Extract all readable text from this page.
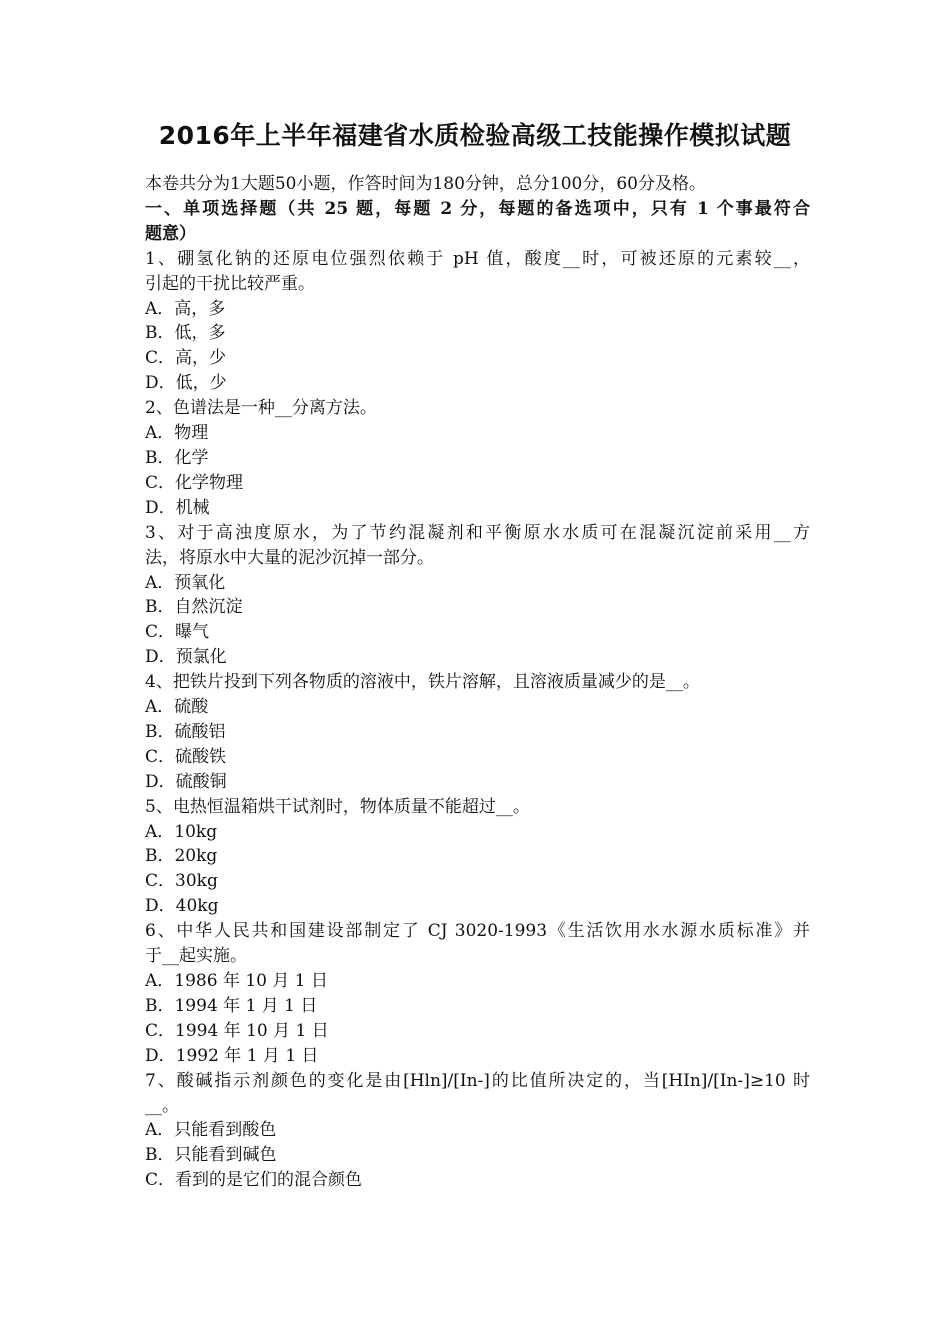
2016年上半年福建省水质检验高级工技能操作模拟试题
本卷共分为1大题50小题，作答时间为180分钟，总分100分，60分及格。
一、单项选择题（共 25 题，每题 2 分，每题的备选项中，只有 1 个事最符合
题意）
1、硼氢化钠的还原电位强烈依赖于 pH 值，酸度__时，可被还原的元素较__，
引起的干扰比较严重。
A．高，多
B．低，多
C．高，少
D．低，少
2、色谱法是一种__分离方法。
A．物理
B．化学
C．化学物理
D．机械
3、对于高浊度原水，为了节约混凝剂和平衡原水水质可在混凝沉淀前采用__方
法，将原水中大量的泥沙沉掉一部分。
A．预氧化
B．自然沉淀
C．曝气
D．预氯化
4、把铁片投到下列各物质的溶液中，铁片溶解，且溶液质量减少的是__。
A．硫酸
B．硫酸铝
C．硫酸铁
D．硫酸铜
5、电热恒温箱烘干试剂时，物体质量不能超过__。
A．10kg
B．20kg
C．30kg
D．40kg
6、中华人民共和国建设部制定了 CJ 3020-1993《生活饮用水水源水质标准》并
于__起实施。
A．1986 年 10 月 1 日
B．1994 年 1 月 1 日
C．1994 年 10 月 1 日
D．1992 年 1 月 1 日
7、酸碱指示剂颜色的变化是由[Hln]/[In-]的比值所决定的，当[HIn]/[In-]≥10 时
__。
A．只能看到酸色
B．只能看到碱色
C．看到的是它们的混合颜色
